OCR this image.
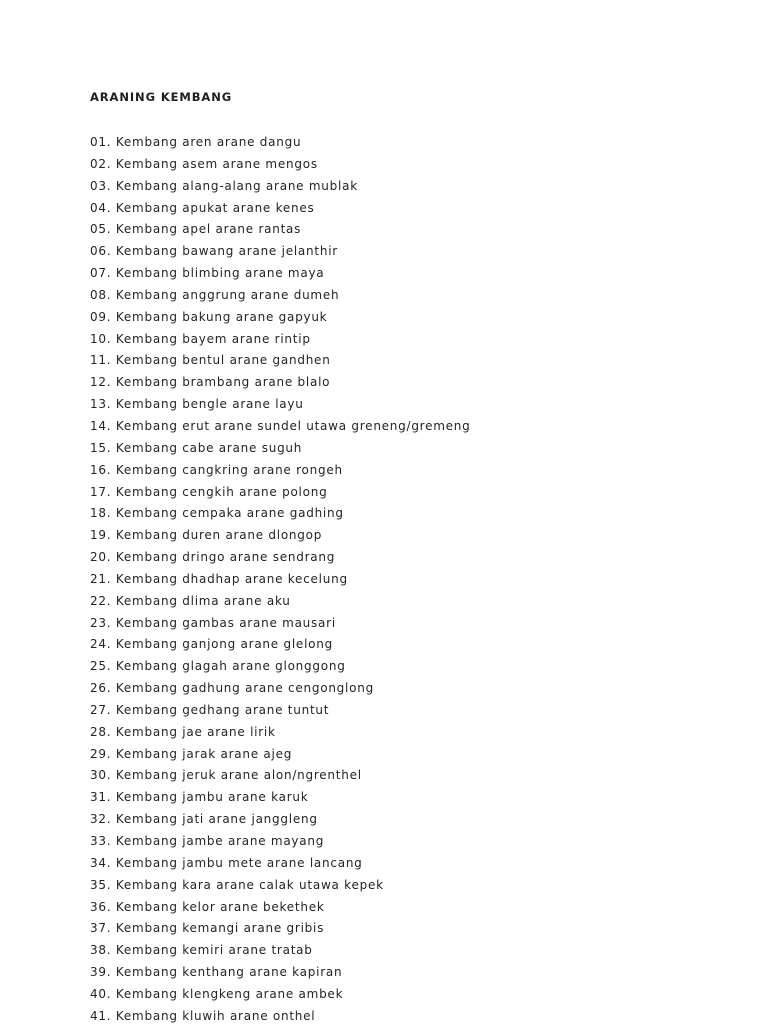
ARANING KEMBANG
01. Kembang aren arane dangu
02. Kembang asem arane mengos
03. Kembang alang-alang arane mublak
04. Kembang apukat arane kenes
05. Kembang apel arane rantas
06. Kembang bawang arane jelanthir
07. Kembang blimbing arane maya
08. Kembang anggrung arane dumeh
09. Kembang bakung arane gapyuk
10. Kembang bayem arane rintip
11. Kembang bentul arane gandhen
12. Kembang brambang arane blalo
13. Kembang bengle arane layu
14. Kembang erut arane sundel utawa greneng/gremeng
15. Kembang cabe arane suguh
16. Kembang cangkring arane rongeh
17. Kembang cengkih arane polong
18. Kembang cempaka arane gadhing
19. Kembang duren arane dlongop
20. Kembang dringo arane sendrang
21. Kembang dhadhap arane kecelung
22. Kembang dlima arane aku
23. Kembang gambas arane mausari
24. Kembang ganjong arane glelong
25. Kembang glagah arane glonggong
26. Kembang gadhung arane cengonglong
27. Kembang gedhang arane tuntut
28. Kembang jae arane lirik
29. Kembang jarak arane ajeg
30. Kembang jeruk arane alon/ngrenthel
31. Kembang jambu arane karuk
32. Kembang jati arane janggleng
33. Kembang jambe arane mayang
34. Kembang jambu mete arane lancang
35. Kembang kara arane calak utawa kepek
36. Kembang kelor arane bekethek
37. Kembang kemangi arane gribis
38. Kembang kemiri arane tratab
39. Kembang kenthang arane kapiran
40. Kembang klengkeng arane ambek
41. Kembang kluwih arane onthel
